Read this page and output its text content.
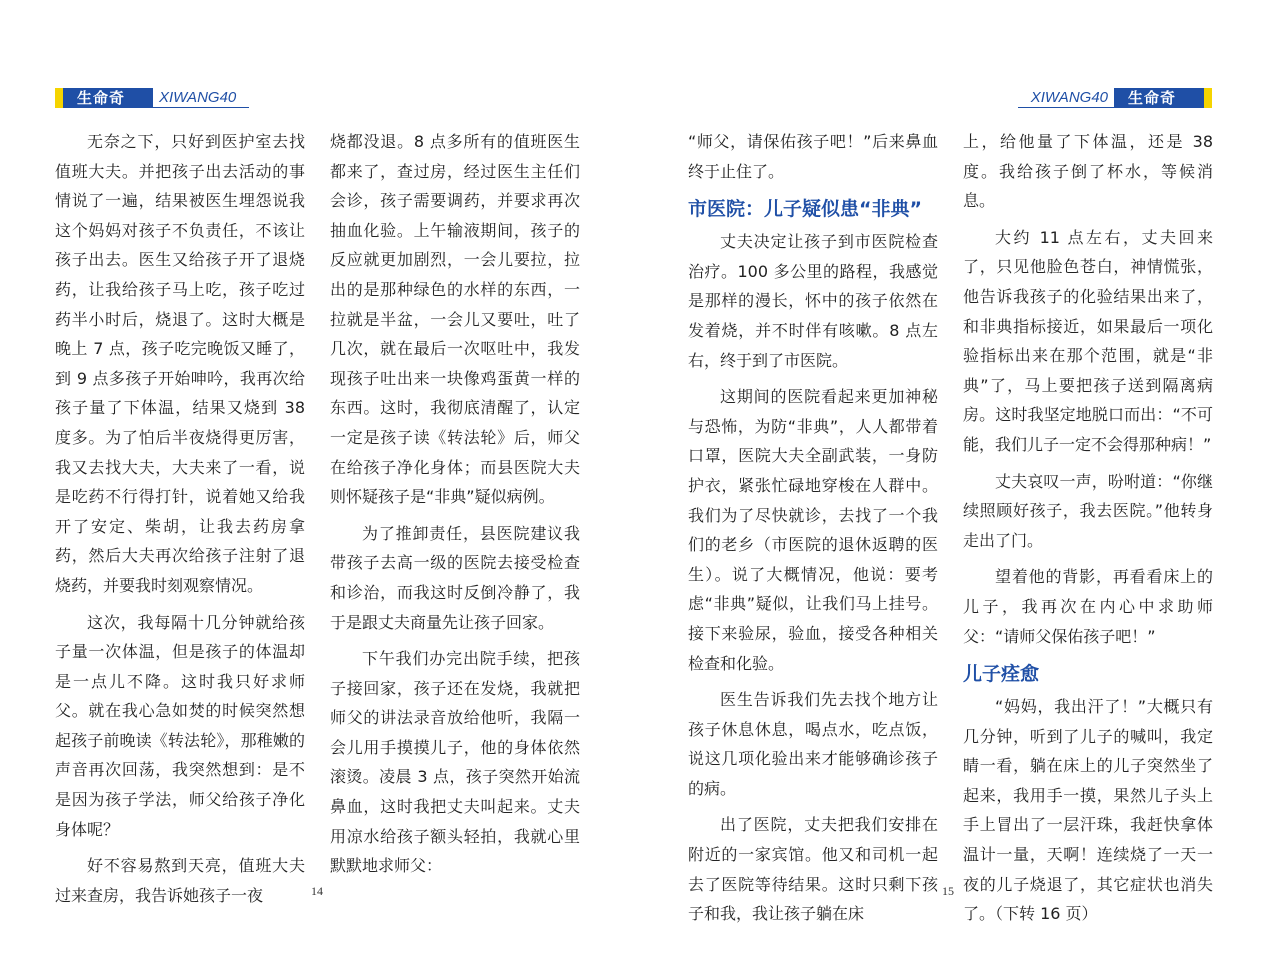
生命奇迹
XIWANG40

无奈之下，只好到医护室去找值班大夫。并把孩子出去活动的事情说了一遍，结果被医生埋怨说我这个妈妈对孩子不负责任，不该让孩子出去。医生又给孩子开了退烧药，让我给孩子马上吃，孩子吃过药半小时后，烧退了。这时大概是晚上 7 点，孩子吃完晚饭又睡了，到 9 点多孩子开始呻吟，我再次给孩子量了下体温，结果又烧到 38 度多。为了怕后半夜烧得更厉害，我又去找大夫，大夫来了一看，说是吃药不行得打针，说着她又给我开了安定、柴胡，让我去药房拿药，然后大夫再次给孩子注射了退烧药，并要我时刻观察情况。

这次，我每隔十几分钟就给孩子量一次体温，但是孩子的体温却是一点儿不降。这时我只好求师父。就在我心急如焚的时候突然想起孩子前晚读《转法轮》，那稚嫩的声音再次回荡，我突然想到：是不是因为孩子学法，师父给孩子净化身体呢？

好不容易熬到天亮，值班大夫过来查房，我告诉她孩子一夜

烧都没退。8 点多所有的值班医生都来了，查过房，经过医生主任们会诊，孩子需要调药，并要求再次抽血化验。上午输液期间，孩子的反应就更加剧烈，一会儿要拉，拉出的是那种绿色的水样的东西，一拉就是半盆，一会儿又要吐，吐了几次，就在最后一次呕吐中，我发现孩子吐出来一块像鸡蛋黄一样的东西。这时，我彻底清醒了，认定一定是孩子读《转法轮》后，师父在给孩子净化身体；而县医院大夫则怀疑孩子是“非典”疑似病例。

为了推卸责任，县医院建议我带孩子去高一级的医院去接受检查和诊治，而我这时反倒冷静了，我于是跟丈夫商量先让孩子回家。

下午我们办完出院手续，把孩子接回家，孩子还在发烧，我就把师父的讲法录音放给他听，我隔一会儿用手摸摸儿子，他的身体依然滚烫。凌晨 3 点，孩子突然开始流鼻血，这时我把丈夫叫起来。丈夫用凉水给孩子额头轻拍，我就心里默默地求师父：

14
XIWANG40	生命奇迹

“师父，请保佑孩子吧！”后来鼻血终于止住了。

市医院：儿子疑似患“非典”

丈夫决定让孩子到市医院检查治疗。100 多公里的路程，我感觉是那样的漫长，怀中的孩子依然在发着烧，并不时伴有咳嗽。8 点左右，终于到了市医院。

这期间的医院看起来更加神秘与恐怖，为防“非典”，人人都带着口罩，医院大夫全副武装，一身防护衣，紧张忙碌地穿梭在人群中。我们为了尽快就诊，去找了一个我们的老乡（市医院的退休返聘的医生）。说了大概情况，他说：要考虑“非典”疑似，让我们马上挂号。接下来验尿，验血，接受各种相关检查和化验。

医生告诉我们先去找个地方让孩子休息休息，喝点水，吃点饭，说这几项化验出来才能够确诊孩子的病。

出了医院，丈夫把我们安排在附近的一家宾馆。他又和司机一起去了医院等待结果。这时只剩下孩子和我，我让孩子躺在床

上，给他量了下体温，还是 38 度。我给孩子倒了杯水，等候消息。

大约 11 点左右，丈夫回来了，只见他脸色苍白，神情慌张，他告诉我孩子的化验结果出来了，和非典指标接近，如果最后一项化验指标出来在那个范围，就是“非典”了，马上要把孩子送到隔离病房。这时我坚定地脱口而出：“不可能，我们儿子一定不会得那种病！”

丈夫哀叹一声，吩咐道：“你继续照顾好孩子，我去医院。”他转身走出了门。

望着他的背影，再看看床上的儿子，我再次在内心中求助师父：“请师父保佑孩子吧！”

儿子痊愈

“妈妈，我出汗了！”大概只有几分钟，听到了儿子的喊叫，我定睛一看，躺在床上的儿子突然坐了起来，我用手一摸，果然儿子头上手上冒出了一层汗珠，我赶快拿体温计一量，天啊！连续烧了一天一夜的儿子烧退了，其它症状也消失了。（下转 16 页）

15
